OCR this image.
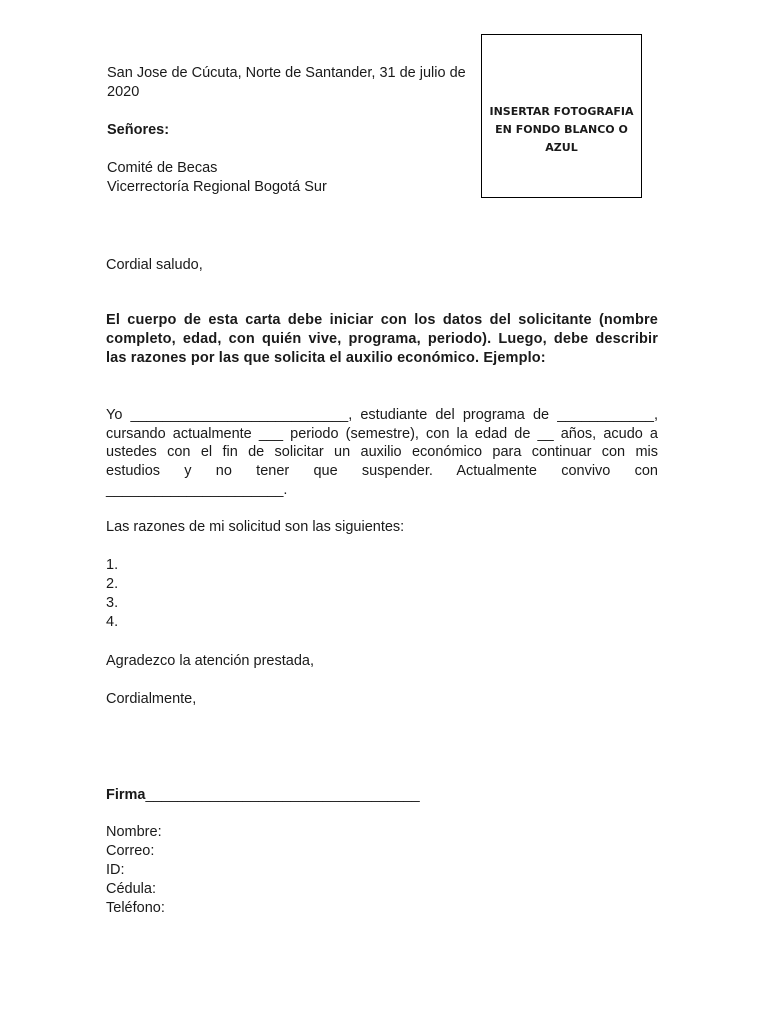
San Jose de Cúcuta, Norte de Santander, 31 de julio de
2020
Señores:
Comité de Becas
Vicerrectoría Regional Bogotá Sur
INSERTAR FOTOGRAFIA EN FONDO BLANCO O AZUL
Cordial saludo,
El cuerpo de esta carta debe iniciar con los datos del solicitante (nombre
completo, edad, con quién vive, programa, periodo). Luego, debe describir
las razones por las que solicita el auxilio económico. Ejemplo:
Yo ___________________________, estudiante del programa de ____________,
cursando actualmente ___ periodo (semestre), con la edad de __ años, acudo a
ustedes con el fin de solicitar un auxilio económico para continuar con mis
estudios y no tener que suspender. Actualmente convivo con
______________________.
Las razones de mi solicitud son las siguientes:
1.
2.
3.
4.
Agradezco la atención prestada,
Cordialmente,
Firma__________________________________
Nombre:
Correo:
ID:
Cédula:
Teléfono:
